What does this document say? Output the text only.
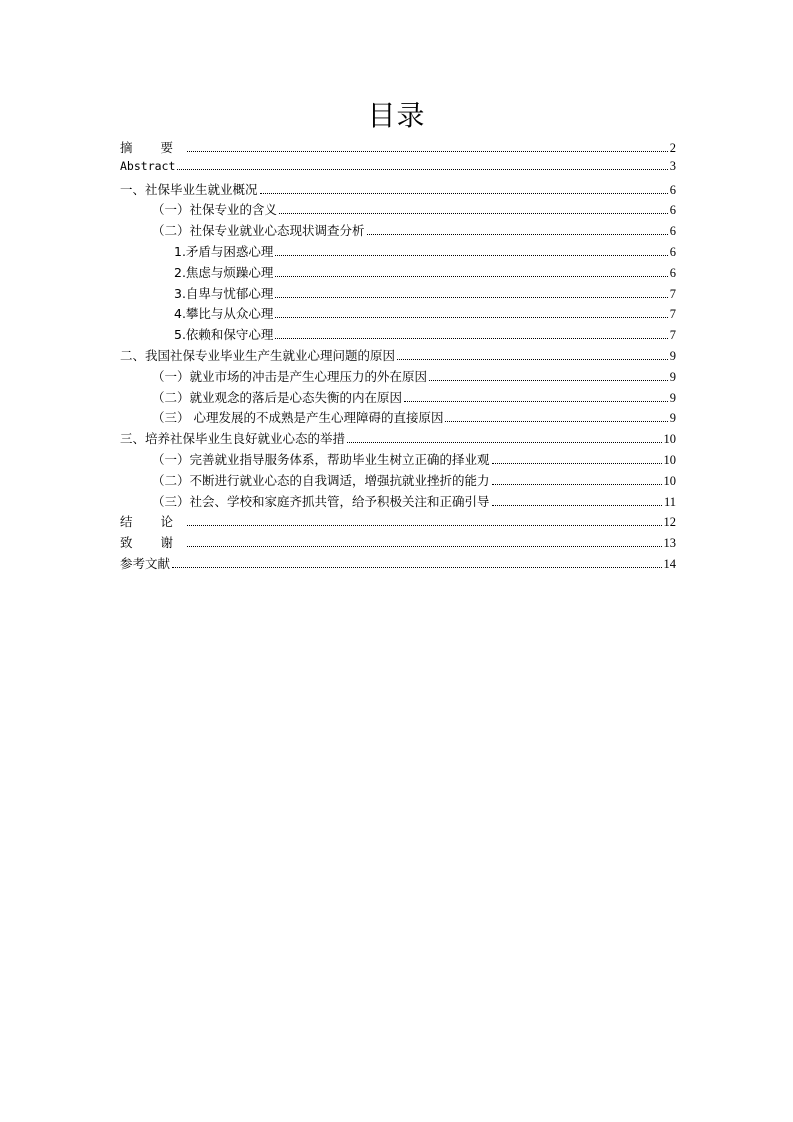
目录
摘 要	2
Abstract	3
一、社保毕业生就业概况	6
（一）社保专业的含义	6
（二）社保专业就业心态现状调查分析	6
1.矛盾与困惑心理	6
2.焦虑与烦躁心理	6
3.自卑与忧郁心理	7
4.攀比与从众心理	7
5.依赖和保守心理	7
二、我国社保专业毕业生产生就业心理问题的原因	9
（一）就业市场的冲击是产生心理压力的外在原因	9
（二）就业观念的落后是心态失衡的内在原因	9
（三） 心理发展的不成熟是产生心理障碍的直接原因	9
三、培养社保毕业生良好就业心态的举措	10
（一）完善就业指导服务体系，帮助毕业生树立正确的择业观	10
（二）不断进行就业心态的自我调适，增强抗就业挫折的能力	10
（三）社会、学校和家庭齐抓共管，给予积极关注和正确引导	11
结 论	12
致 谢	13
参考文献	14
